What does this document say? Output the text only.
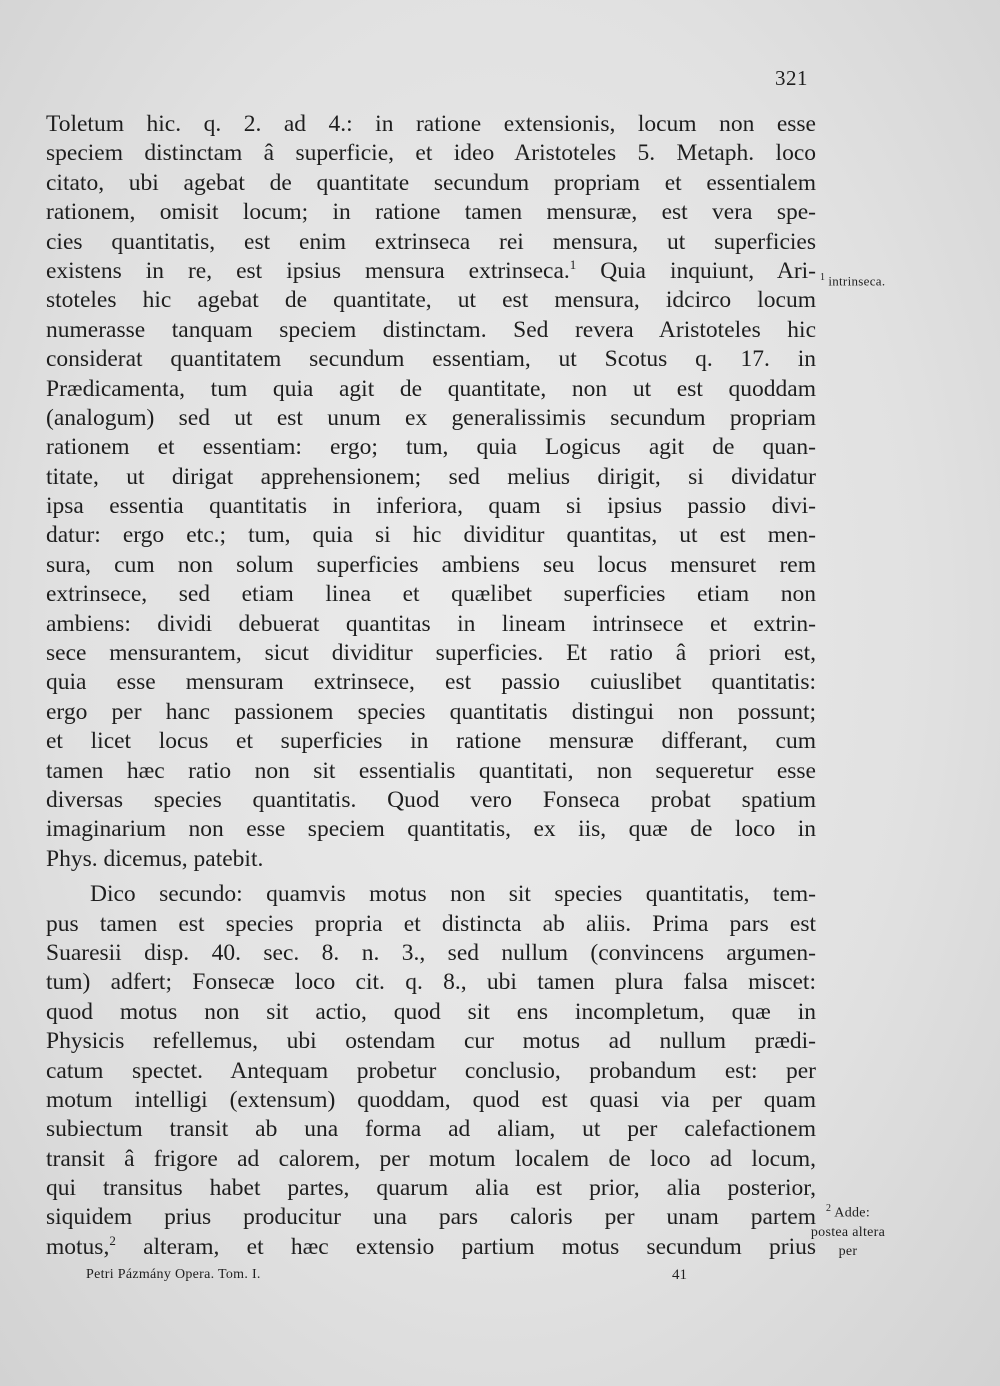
321
Toletum hic. q. 2. ad 4.: in ratione extensionis, locum non esse
speciem distinctam â superficie, et ideo Aristoteles 5. Metaph. loco
citato, ubi agebat de quantitate secundum propriam et essentialem
rationem, omisit locum; in ratione tamen mensuræ, est vera spe-
cies quantitatis, est enim extrinseca rei mensura, ut superficies
existens in re, est ipsius mensura extrinseca.$^1$ Quia inquiunt, Ari-
stoteles hic agebat de quantitate, ut est mensura, idcirco locum
numerasse tanquam speciem distinctam. Sed revera Aristoteles hic
considerat quantitatem secundum essentiam, ut Scotus q. 17. in
Prædicamenta, tum quia agit de quantitate, non ut est quoddam
(analogum) sed ut est unum ex generalissimis secundum propriam
rationem et essentiam: ergo; tum, quia Logicus agit de quan-
titate, ut dirigat apprehensionem; sed melius dirigit, si dividatur
ipsa essentia quantitatis in inferiora, quam si ipsius passio divi-
datur: ergo etc.; tum, quia si hic dividitur quantitas, ut est men-
sura, cum non solum superficies ambiens seu locus mensuret rem
extrinsece, sed etiam linea et quælibet superficies etiam non
ambiens: dividi debuerat quantitas in lineam intrinsece et extrin-
sece mensurantem, sicut dividitur superficies. Et ratio â priori est,
quia esse mensuram extrinsece, est passio cuiuslibet quantitatis:
ergo per hanc passionem species quantitatis distingui non possunt;
et licet locus et superficies in ratione mensuræ differant, cum
tamen hæc ratio non sit essentialis quantitati, non sequeretur esse
diversas species quantitatis. Quod vero Fonseca probat spatium
imaginarium non esse speciem quantitatis, ex iis, quæ de loco in
Phys. dicemus, patebit.
Dico secundo: quamvis motus non sit species quantitatis, tem-
pus tamen est species propria et distincta ab aliis. Prima pars est
Suaresii disp. 40. sec. 8. n. 3., sed nullum (convincens argumen-
tum) adfert; Fonsecæ loco cit. q. 8., ubi tamen plura falsa miscet:
quod motus non sit actio, quod sit ens incompletum, quæ in
Physicis refellemus, ubi ostendam cur motus ad nullum prædi-
catum spectet. Antequam probetur conclusio, probandum est: per
motum intelligi (extensum) quoddam, quod est quasi via per quam
subiectum transit ab una forma ad aliam, ut per calefactionem
transit â frigore ad calorem, per motum localem de loco ad locum,
qui transitus habet partes, quarum alia est prior, alia posterior,
siquidem prius producitur una pars caloris per unam partem
motus,$^2$ alteram, et hæc extensio partium motus secundum prius
$^1$ intrinseca.
$^2$ Adde:
postea altera
per
Petri Pázmány Opera. Tom. I.	41
